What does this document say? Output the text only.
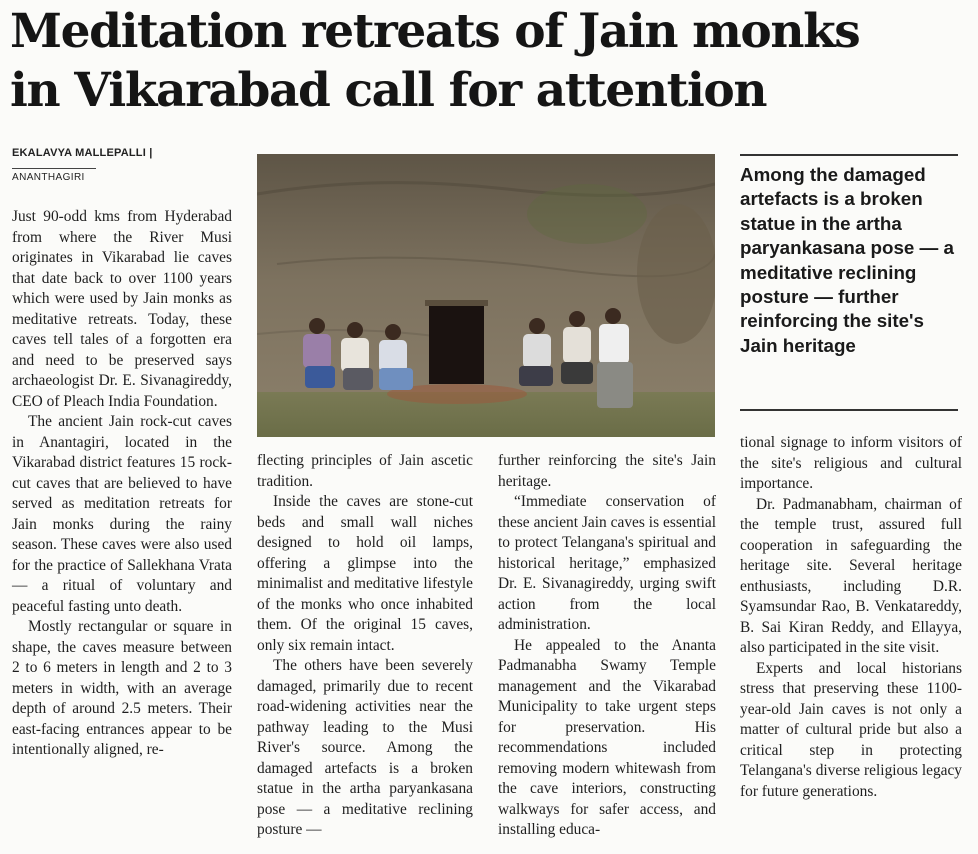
Meditation retreats of Jain monks
in Vikarabad call for attention
EKALAVYA MALLEPALLI |
ANANTHAGIRI

Just 90-odd kms from Hyderabad from where the River Musi originates in Vikarabad lie caves that date back to over 1100 years which were used by Jain monks as meditative retreats. Today, these caves tell tales of a forgotten era and need to be preserved says archaeologist Dr. E. Sivanagireddy, CEO of Pleach India Foundation.

The ancient Jain rock-cut caves in Anantagiri, located in the Vikarabad district features 15 rock-cut caves that are believed to have served as meditation retreats for Jain monks during the rainy season. These caves were also used for the practice of Sallekhana Vrata — a ritual of voluntary and peaceful fasting unto death.

Mostly rectangular or square in shape, the caves measure between 2 to 6 meters in length and 2 to 3 meters in width, with an average depth of around 2.5 meters. Their east-facing entrances appear to be intentionally aligned, re-

Among the damaged artefacts is a broken statue in the artha paryankasana pose — a meditative reclining posture — further reinforcing the site's Jain heritage

flecting principles of Jain ascetic tradition.

Inside the caves are stone-cut beds and small wall niches designed to hold oil lamps, offering a glimpse into the minimalist and meditative lifestyle of the monks who once inhabited them. Of the original 15 caves, only six remain intact.

The others have been severely damaged, primarily due to recent road-widening activities near the pathway leading to the Musi River's source. Among the damaged artefacts is a broken statue in the artha paryankasana pose — a meditative reclining posture —

further reinforcing the site's Jain heritage.

“Immediate conservation of these ancient Jain caves is essential to protect Telangana's spiritual and historical heritage,” emphasized Dr. E. Sivanagireddy, urging swift action from the local administration.

He appealed to the Ananta Padmanabha Swamy Temple management and the Vikarabad Municipality to take urgent steps for preservation. His recommendations included removing modern whitewash from the cave interiors, constructing walkways for safer access, and installing educa-

tional signage to inform visitors of the site's religious and cultural importance.

Dr. Padmanabham, chairman of the temple trust, assured full cooperation in safeguarding the heritage site. Several heritage enthusiasts, including D.R. Syamsundar Rao, B. Venkatareddy, B. Sai Kiran Reddy, and Ellayya, also participated in the site visit.

Experts and local historians stress that preserving these 1100-year-old Jain caves is not only a matter of cultural pride but also a critical step in protecting Telangana's diverse religious legacy for future generations.
